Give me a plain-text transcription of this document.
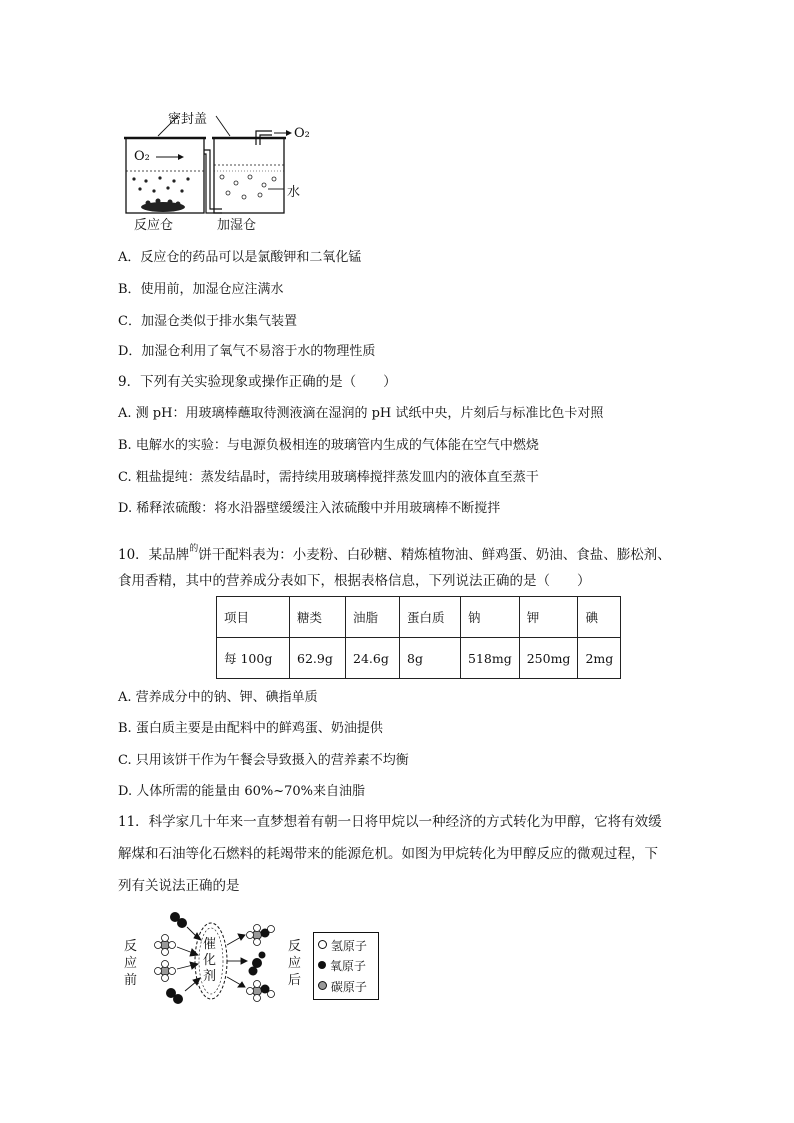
密封盖
O₂
O₂
水
反应仓	加湿仓
A．反应仓的药品可以是氯酸钾和二氧化锰
B．使用前，加湿仓应注满水
C．加湿仓类似于排水集气装置
D．加湿仓利用了氧气不易溶于水的物理性质
9．下列有关实验现象或操作正确的是（　　）
A. 测 pH：用玻璃棒蘸取待测液滴在湿润的 pH 试纸中央，片刻后与标准比色卡对照
B. 电解水的实验：与电源负极相连的玻璃管内生成的气体能在空气中燃烧
C. 粗盐提纯：蒸发结晶时，需持续用玻璃棒搅拌蒸发皿内的液体直至蒸干
D. 稀释浓硫酸：将水沿器壁缓缓注入浓硫酸中并用玻璃棒不断搅拌
10．某品牌$^的$饼干配料表为：小麦粉、白砂糖、精炼植物油、鲜鸡蛋、奶油、食盐、膨松剂、
食用香精，其中的营养成分表如下，根据表格信息，下列说法正确的是（　　）
项目	糖类	油脂	蛋白质	钠	钾	碘
每 100g	62.9g	24.6g	8g	518mg	250mg	2mg
A. 营养成分中的钠、钾、碘指单质
B. 蛋白质主要是由配料中的鲜鸡蛋、奶油提供
C. 只用该饼干作为午餐会导致摄入的营养素不均衡
D. 人体所需的能量由 60%~70%来自油脂
11．科学家几十年来一直梦想着有朝一日将甲烷以一种经济的方式转化为甲醇，它将有效缓
解煤和石油等化石燃料的耗竭带来的能源危机。如图为甲烷转化为甲醇反应的微观过程，下
列有关说法正确的是
反
应
前
反
应
后
催
化
剂
氢原子
氧原子
碳原子
